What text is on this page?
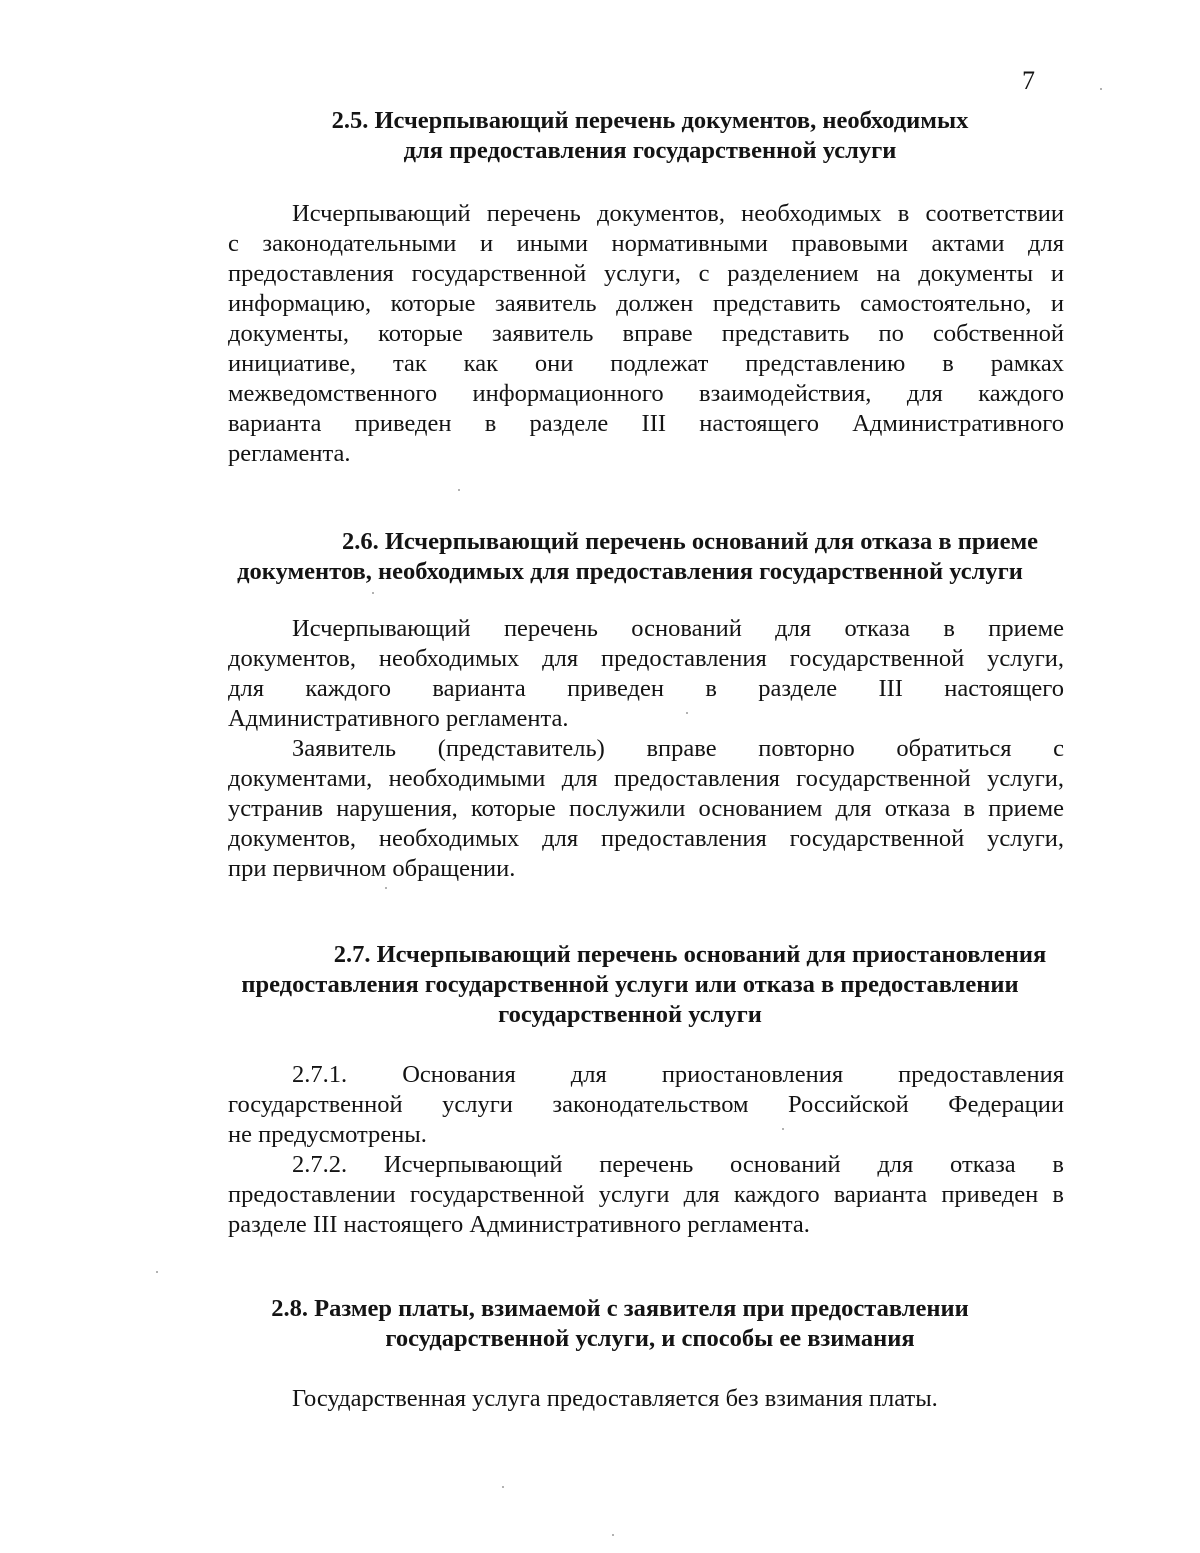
7
2.5. Исчерпывающий перечень документов, необходимых
для предоставления государственной услуги
Исчерпывающий перечень документов, необходимых в соответствии
с законодательными и иными нормативными правовыми актами для
предоставления государственной услуги, с разделением на документы и
информацию, которые заявитель должен представить самостоятельно, и
документы, которые заявитель вправе представить по собственной
инициативе, так как они подлежат представлению в рамках
межведомственного информационного взаимодействия, для каждого
варианта приведен в разделе III настоящего Административного
регламента.
2.6. Исчерпывающий перечень оснований для отказа в приеме
документов, необходимых для предоставления государственной услуги
Исчерпывающий перечень оснований для отказа в приеме
документов, необходимых для предоставления государственной услуги,
для каждого варианта приведен в разделе III настоящего
Административного регламента.
Заявитель (представитель) вправе повторно обратиться с
документами, необходимыми для предоставления государственной услуги,
устранив нарушения, которые послужили основанием для отказа в приеме
документов, необходимых для предоставления государственной услуги,
при первичном обращении.
2.7. Исчерпывающий перечень оснований для приостановления
предоставления государственной услуги или отказа в предоставлении
государственной услуги
2.7.1. Основания для приостановления предоставления
государственной услуги законодательством Российской Федерации
не предусмотрены.
2.7.2. Исчерпывающий перечень оснований для отказа в
предоставлении государственной услуги для каждого варианта приведен в
разделе III настоящего Административного регламента.
2.8. Размер платы, взимаемой с заявителя при предоставлении
государственной услуги, и способы ее взимания
Государственная услуга предоставляется без взимания платы.
